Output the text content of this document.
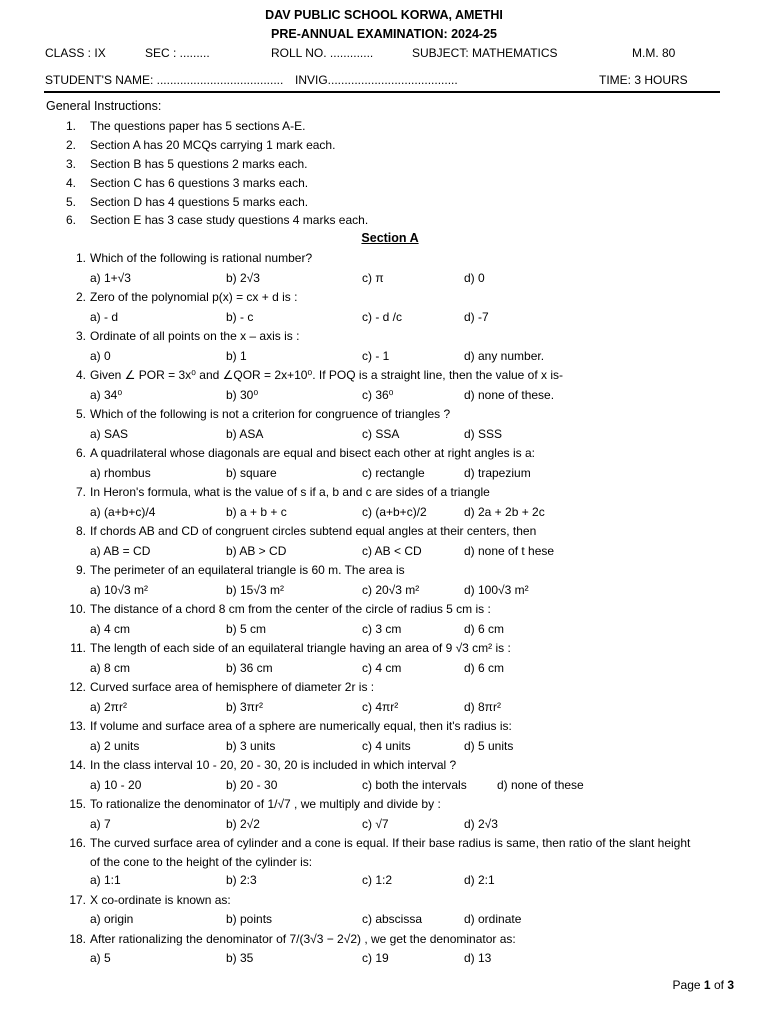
DAV PUBLIC SCHOOL KORWA, AMETHI
PRE-ANNUAL EXAMINATION: 2024-25
CLASS : IX	SEC : .........	ROLL NO. .............	SUBJECT: MATHEMATICS	M.M. 80
STUDENT'S NAME: ...................................... INVIG.......................................	TIME: 3 HOURS
General Instructions:
1. The questions paper has 5 sections A-E.
2. Section A has 20 MCQs carrying 1 mark each.
3. Section B has 5 questions 2 marks each.
4. Section C has 6 questions 3 marks each.
5. Section D has 4 questions 5 marks each.
6. Section E has 3 case study questions 4 marks each.
Section A
1. Which of the following is rational number?
a) 1+√3	b) 2√3	c) π	d) 0
2. Zero of the polynomial p(x) = cx + d is :
a) - d	b) - c	c) - d /c	d) -7
3. Ordinate of all points on the x – axis is :
a) 0	b) 1	c) - 1	d) any number.
4. Given ∠ POR = 3x⁰ and ∠QOR = 2x+10⁰. If POQ is a straight line, then the value of x is-
a) 34⁰	b) 30⁰	c) 36⁰	d) none of these.
5. Which of the following is not a criterion for congruence of triangles ?
a) SAS	b) ASA	c) SSA	d) SSS
6. A quadrilateral whose diagonals are equal and bisect each other at right angles is a:
a) rhombus	b) square	c) rectangle	d) trapezium
7. In Heron's formula, what is the value of s if a, b and c are sides of a triangle
a) (a+b+c)/4	b) a + b + c	c) (a+b+c)/2	d) 2a + 2b + 2c
8. If chords AB and CD of congruent circles subtend equal angles at their centers, then
a) AB = CD	b) AB > CD	c) AB < CD	d) none of t hese
9. The perimeter of an equilateral triangle is 60 m. The area is
a) 10√3 m²	b) 15√3 m²	c) 20√3 m²	d) 100√3 m²
10. The distance of a chord 8 cm from the center of the circle of radius 5 cm is :
a) 4 cm	b) 5 cm	c) 3 cm	d) 6 cm
11. The length of each side of an equilateral triangle having an area of 9 √3 cm² is :
a) 8 cm	b) 36 cm	c) 4 cm	d) 6 cm
12. Curved surface area of hemisphere of diameter 2r is :
a) 2πr²	b) 3πr²	c) 4πr²	d) 8πr²
13. If volume and surface area of a sphere are numerically equal, then it's radius is:
a) 2 units	b) 3 units	c) 4 units	d) 5 units
14. In the class interval 10 - 20, 20 - 30, 20 is included in which interval ?
a) 10 - 20	b) 20 - 30	c) both the intervals	d) none of these
15. To rationalize the denominator of 1/√7 , we multiply and divide by :
a) 7	b) 2√2	c) √7	d) 2√3
16. The curved surface area of cylinder and a cone is equal. If their base radius is same, then ratio of the slant height
of the cone to the height of the cylinder is:
a) 1:1	b) 2:3	c) 1:2	d) 2:1
17. X co-ordinate is known as:
a) origin	b) points	c) abscissa	d) ordinate
18. After rationalizing the denominator of 7/(3√3 − 2√2) , we get the denominator as:
a) 5	b) 35	c) 19	d) 13
Page 1 of 3
